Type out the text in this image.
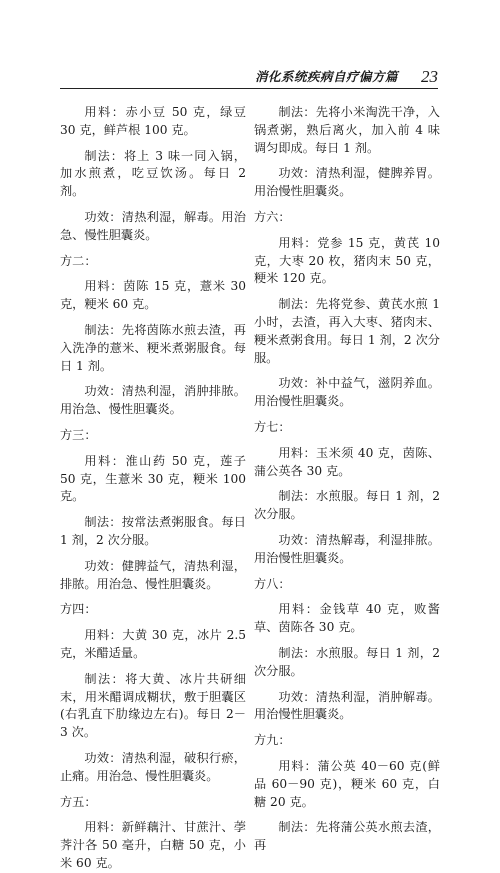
消化系统疾病自疗偏方篇 23

用料：赤小豆 50 克，绿豆 30 克，鲜芦根 100 克。

制法：将上 3 味一同入锅，加水煎煮，吃豆饮汤。每日 2 剂。

功效：清热利湿，解毒。用治急、慢性胆囊炎。

方二：

用料：茵陈 15 克，薏米 30 克，粳米 60 克。

制法：先将茵陈水煎去渣，再入洗净的薏米、粳米煮粥服食。每日 1 剂。

功效：清热利湿，消肿排脓。用治急、慢性胆囊炎。

方三：

用料：淮山药 50 克，莲子 50 克，生薏米 30 克，粳米 100 克。

制法：按常法煮粥服食。每日 1 剂，2 次分服。

功效：健脾益气，清热利湿，排脓。用治急、慢性胆囊炎。

方四：

用料：大黄 30 克，冰片 2.5 克，米醋适量。

制法：将大黄、冰片共研细末，用米醋调成糊状，敷于胆囊区(右乳直下肋缘边左右)。每日 2－3 次。

功效：清热利湿，破积行瘀，止痛。用治急、慢性胆囊炎。

方五：

用料：新鲜藕汁、甘蔗汁、荸荠汁各 50 毫升，白糖 50 克，小米 60 克。

制法：先将小米淘洗干净，入锅煮粥，熟后离火，加入前 4 味调匀即成。每日 1 剂。

功效：清热利湿，健脾养胃。用治慢性胆囊炎。

方六：

用料：党参 15 克，黄芪 10 克，大枣 20 枚，猪肉末 50 克，粳米 120 克。

制法：先将党参、黄芪水煎 1 小时，去渣，再入大枣、猪肉末、粳米煮粥食用。每日 1 剂，2 次分服。

功效：补中益气，滋阴养血。用治慢性胆囊炎。

方七：

用料：玉米须 40 克，茵陈、蒲公英各 30 克。

制法：水煎服。每日 1 剂，2 次分服。

功效：清热解毒，利湿排脓。用治慢性胆囊炎。

方八：

用料：金钱草 40 克，败酱草、茵陈各 30 克。

制法：水煎服。每日 1 剂，2 次分服。

功效：清热利湿，消肿解毒。用治慢性胆囊炎。

方九：

用料：蒲公英 40－60 克(鲜品 60－90 克)，粳米 60 克，白糖 20 克。

制法：先将蒲公英水煎去渣，再
